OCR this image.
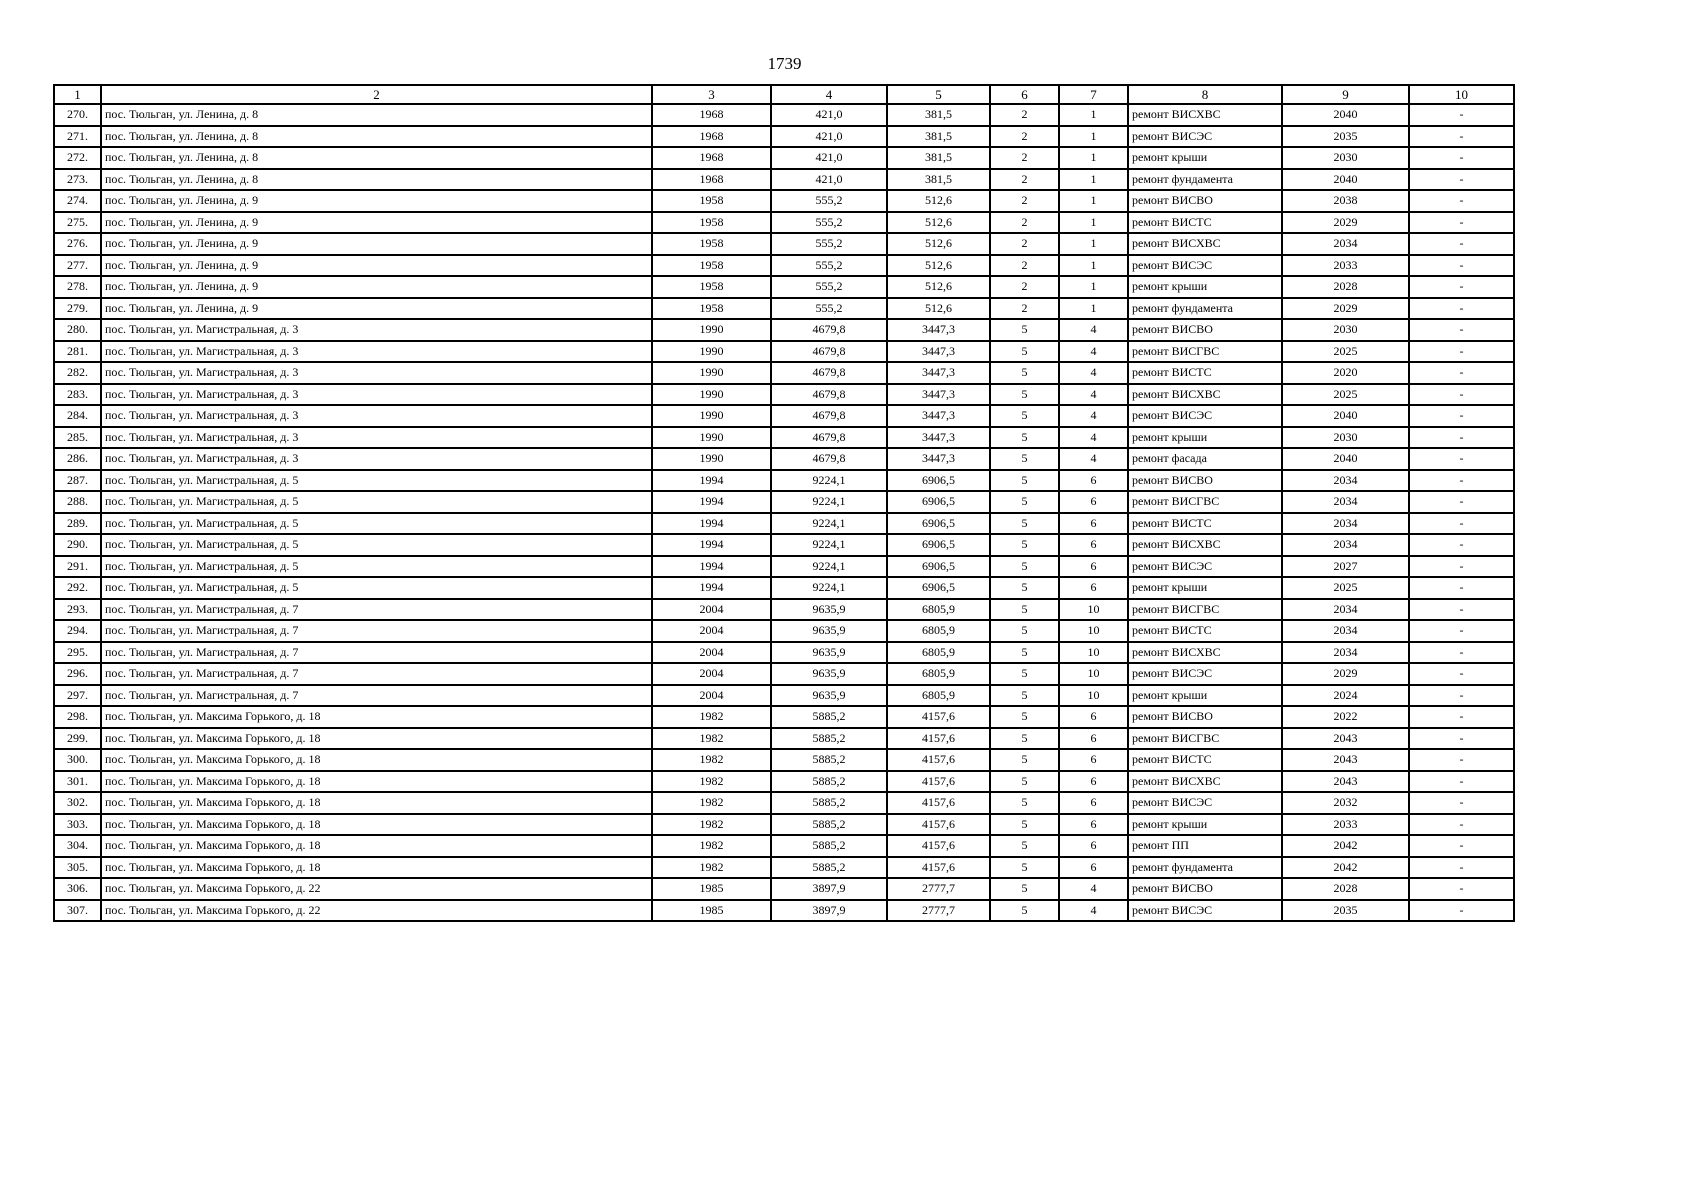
1739
1	2	3	4	5	6	7	8	9	10
270.	пос. Тюльган, ул. Ленина, д. 8	1968	421,0	381,5	2	1	ремонт ВИСХВС	2040	-
271.	пос. Тюльган, ул. Ленина, д. 8	1968	421,0	381,5	2	1	ремонт ВИСЭС	2035	-
272.	пос. Тюльган, ул. Ленина, д. 8	1968	421,0	381,5	2	1	ремонт крыши	2030	-
273.	пос. Тюльган, ул. Ленина, д. 8	1968	421,0	381,5	2	1	ремонт фундамента	2040	-
274.	пос. Тюльган, ул. Ленина, д. 9	1958	555,2	512,6	2	1	ремонт ВИСВО	2038	-
275.	пос. Тюльган, ул. Ленина, д. 9	1958	555,2	512,6	2	1	ремонт ВИСТС	2029	-
276.	пос. Тюльган, ул. Ленина, д. 9	1958	555,2	512,6	2	1	ремонт ВИСХВС	2034	-
277.	пос. Тюльган, ул. Ленина, д. 9	1958	555,2	512,6	2	1	ремонт ВИСЭС	2033	-
278.	пос. Тюльган, ул. Ленина, д. 9	1958	555,2	512,6	2	1	ремонт крыши	2028	-
279.	пос. Тюльган, ул. Ленина, д. 9	1958	555,2	512,6	2	1	ремонт фундамента	2029	-
280.	пос. Тюльган, ул. Магистральная, д. 3	1990	4679,8	3447,3	5	4	ремонт ВИСВО	2030	-
281.	пос. Тюльган, ул. Магистральная, д. 3	1990	4679,8	3447,3	5	4	ремонт ВИСГВС	2025	-
282.	пос. Тюльган, ул. Магистральная, д. 3	1990	4679,8	3447,3	5	4	ремонт ВИСТС	2020	-
283.	пос. Тюльган, ул. Магистральная, д. 3	1990	4679,8	3447,3	5	4	ремонт ВИСХВС	2025	-
284.	пос. Тюльган, ул. Магистральная, д. 3	1990	4679,8	3447,3	5	4	ремонт ВИСЭС	2040	-
285.	пос. Тюльган, ул. Магистральная, д. 3	1990	4679,8	3447,3	5	4	ремонт крыши	2030	-
286.	пос. Тюльган, ул. Магистральная, д. 3	1990	4679,8	3447,3	5	4	ремонт фасада	2040	-
287.	пос. Тюльган, ул. Магистральная, д. 5	1994	9224,1	6906,5	5	6	ремонт ВИСВО	2034	-
288.	пос. Тюльган, ул. Магистральная, д. 5	1994	9224,1	6906,5	5	6	ремонт ВИСГВС	2034	-
289.	пос. Тюльган, ул. Магистральная, д. 5	1994	9224,1	6906,5	5	6	ремонт ВИСТС	2034	-
290.	пос. Тюльган, ул. Магистральная, д. 5	1994	9224,1	6906,5	5	6	ремонт ВИСХВС	2034	-
291.	пос. Тюльган, ул. Магистральная, д. 5	1994	9224,1	6906,5	5	6	ремонт ВИСЭС	2027	-
292.	пос. Тюльган, ул. Магистральная, д. 5	1994	9224,1	6906,5	5	6	ремонт крыши	2025	-
293.	пос. Тюльган, ул. Магистральная, д. 7	2004	9635,9	6805,9	5	10	ремонт ВИСГВС	2034	-
294.	пос. Тюльган, ул. Магистральная, д. 7	2004	9635,9	6805,9	5	10	ремонт ВИСТС	2034	-
295.	пос. Тюльган, ул. Магистральная, д. 7	2004	9635,9	6805,9	5	10	ремонт ВИСХВС	2034	-
296.	пос. Тюльган, ул. Магистральная, д. 7	2004	9635,9	6805,9	5	10	ремонт ВИСЭС	2029	-
297.	пос. Тюльган, ул. Магистральная, д. 7	2004	9635,9	6805,9	5	10	ремонт крыши	2024	-
298.	пос. Тюльган, ул. Максима Горького, д. 18	1982	5885,2	4157,6	5	6	ремонт ВИСВО	2022	-
299.	пос. Тюльган, ул. Максима Горького, д. 18	1982	5885,2	4157,6	5	6	ремонт ВИСГВС	2043	-
300.	пос. Тюльган, ул. Максима Горького, д. 18	1982	5885,2	4157,6	5	6	ремонт ВИСТС	2043	-
301.	пос. Тюльган, ул. Максима Горького, д. 18	1982	5885,2	4157,6	5	6	ремонт ВИСХВС	2043	-
302.	пос. Тюльган, ул. Максима Горького, д. 18	1982	5885,2	4157,6	5	6	ремонт ВИСЭС	2032	-
303.	пос. Тюльган, ул. Максима Горького, д. 18	1982	5885,2	4157,6	5	6	ремонт крыши	2033	-
304.	пос. Тюльган, ул. Максима Горького, д. 18	1982	5885,2	4157,6	5	6	ремонт ПП	2042	-
305.	пос. Тюльган, ул. Максима Горького, д. 18	1982	5885,2	4157,6	5	6	ремонт фундамента	2042	-
306.	пос. Тюльган, ул. Максима Горького, д. 22	1985	3897,9	2777,7	5	4	ремонт ВИСВО	2028	-
307.	пос. Тюльган, ул. Максима Горького, д. 22	1985	3897,9	2777,7	5	4	ремонт ВИСЭС	2035	-
